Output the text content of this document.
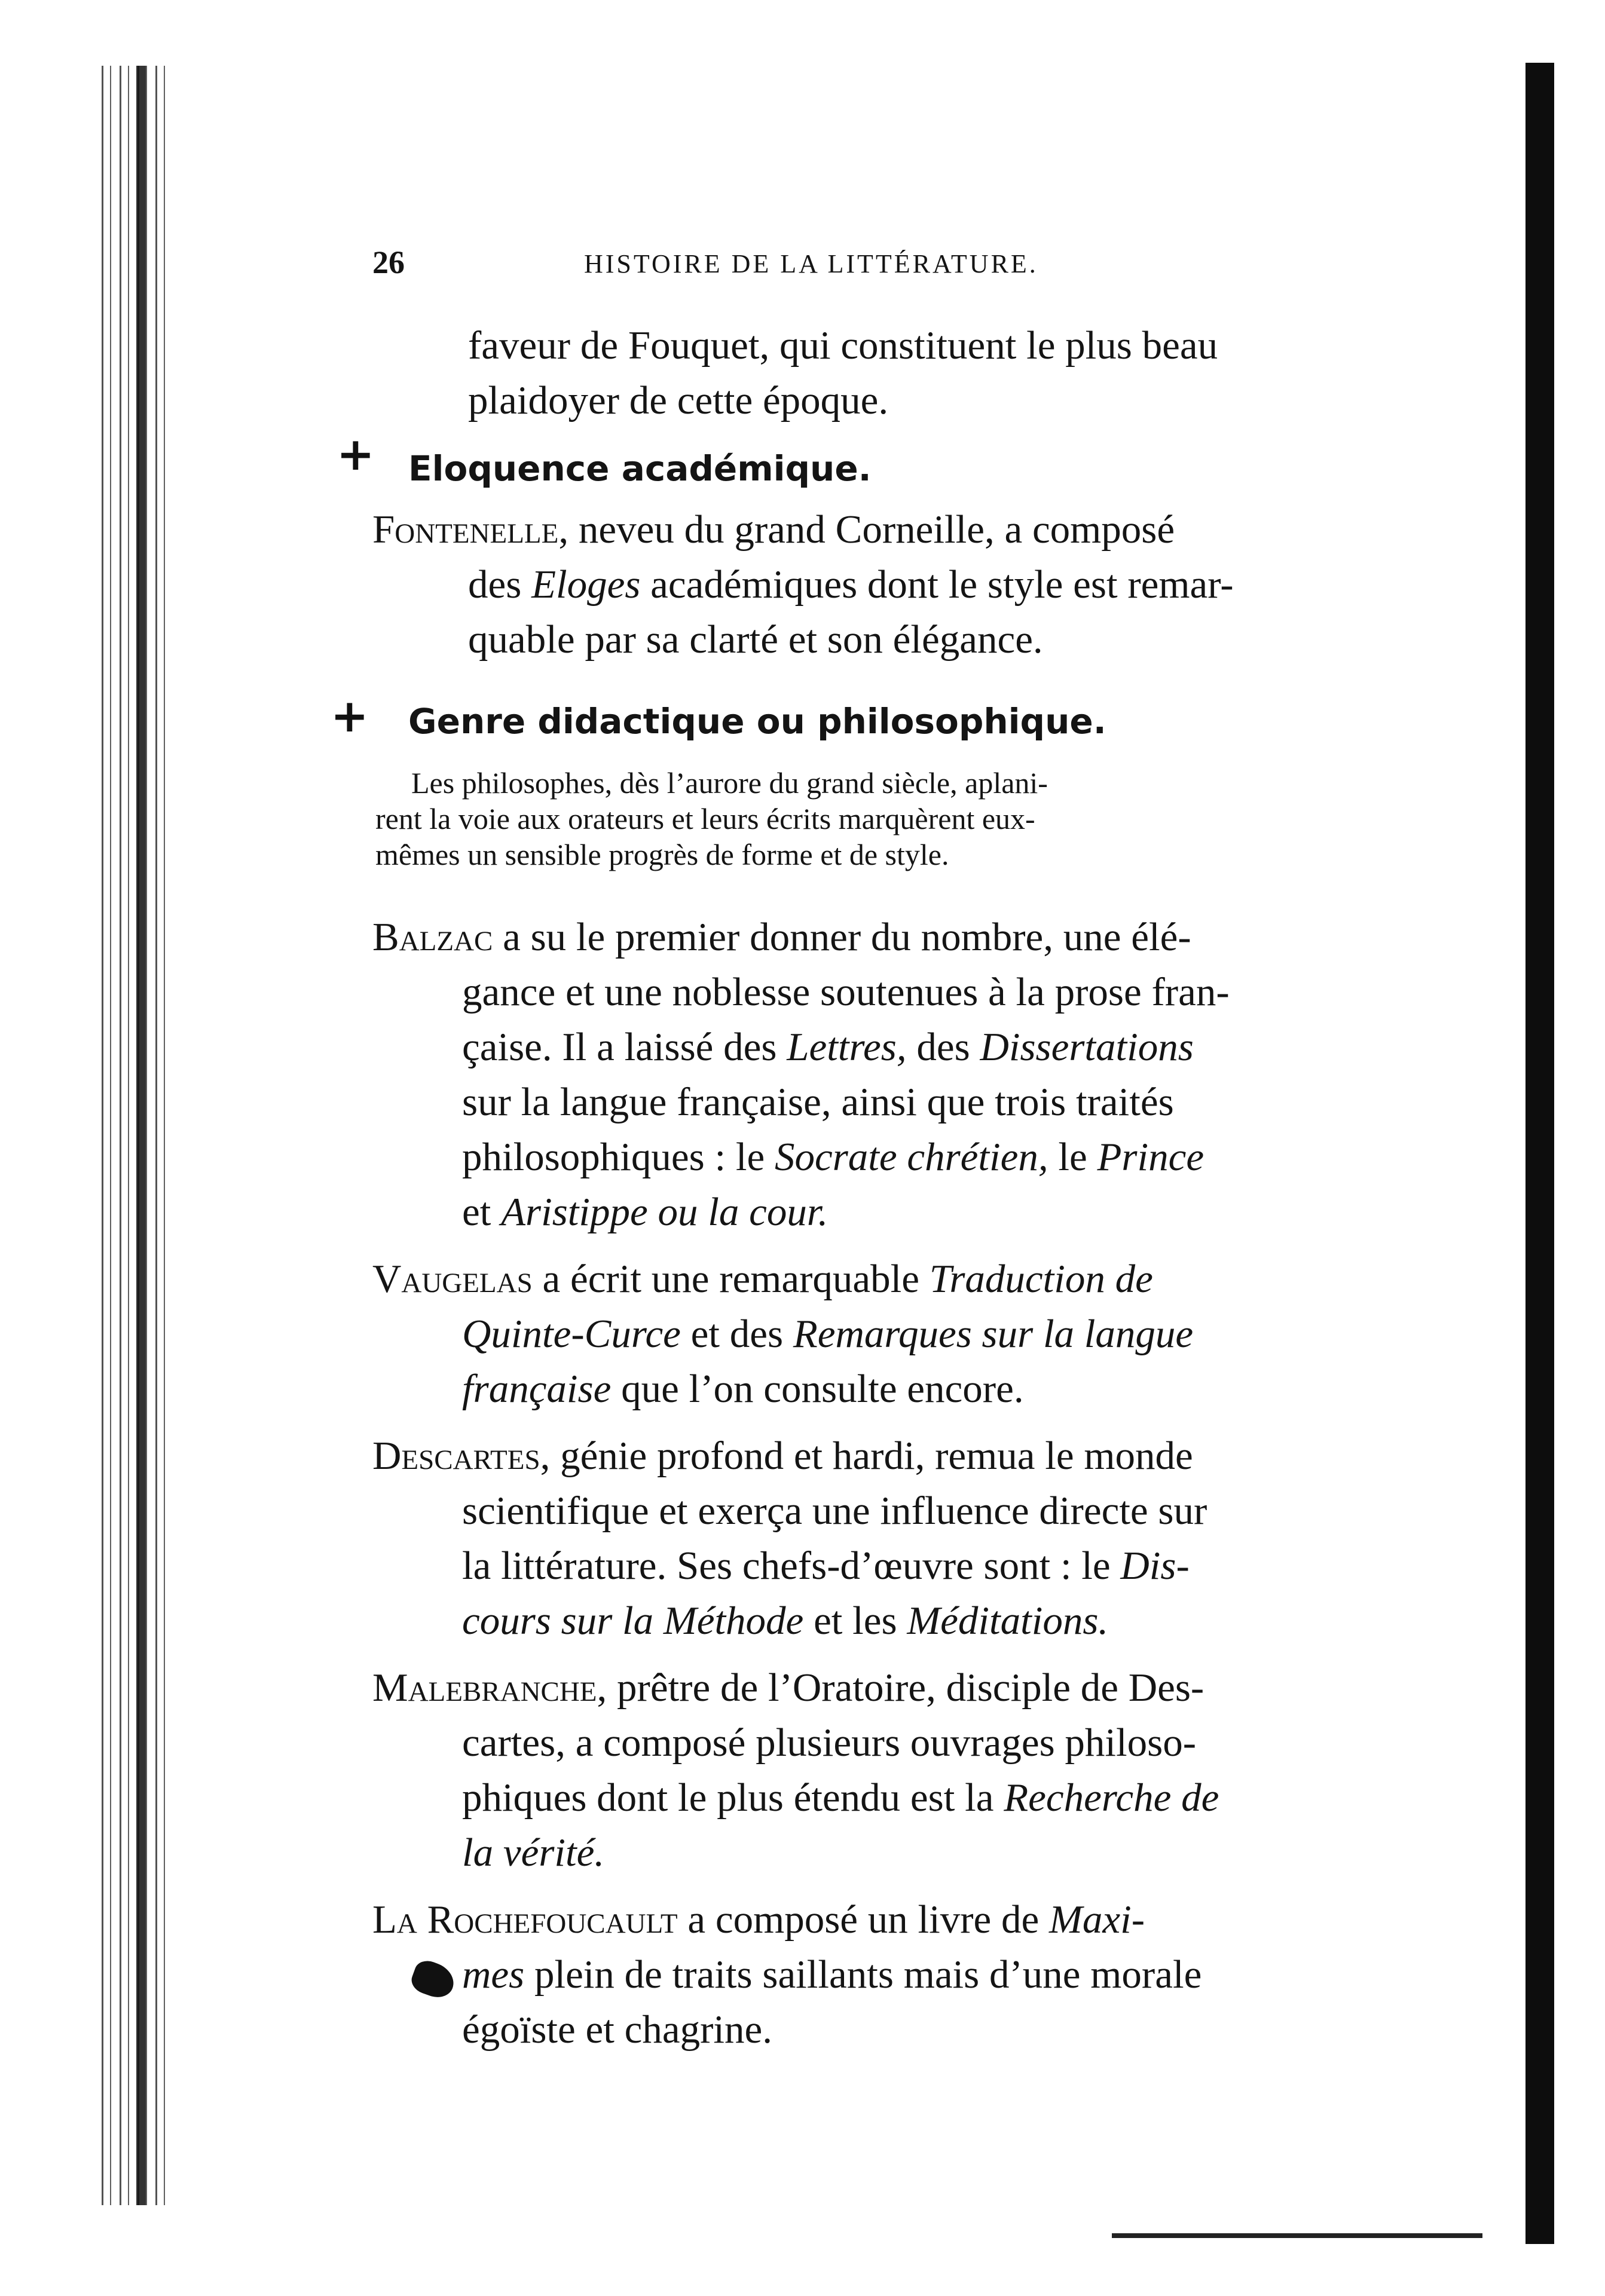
26	HISTOIRE DE LA LITTÉRATURE.
faveur de Fouquet, qui constituent le plus beau
plaidoyer de cette époque.
+ Eloquence académique.
Fontenelle, neveu du grand Corneille, a composé
des Eloges académiques dont le style est remar-
quable par sa clarté et son élégance.
+ Genre didactique ou philosophique.
Les philosophes, dès l’aurore du grand siècle, aplani-
rent la voie aux orateurs et leurs écrits marquèrent eux-
mêmes un sensible progrès de forme et de style.
Balzac a su le premier donner du nombre, une élé-
gance et une noblesse soutenues à la prose fran-
çaise. Il a laissé des Lettres, des Dissertations
sur la langue française, ainsi que trois traités
philosophiques : le Socrate chrétien, le Prince
et Aristippe ou la cour.
Vaugelas a écrit une remarquable Traduction de
Quinte-Curce et des Remarques sur la langue
française que l’on consulte encore.
Descartes, génie profond et hardi, remua le monde
scientifique et exerça une influence directe sur
la littérature. Ses chefs-d’œuvre sont : le Dis-
cours sur la Méthode et les Méditations.
Malebranche, prêtre de l’Oratoire, disciple de Des-
cartes, a composé plusieurs ouvrages philoso-
phiques dont le plus étendu est la Recherche de
la vérité.
La Rochefoucault a composé un livre de Maxi-
mes plein de traits saillants mais d’une morale
égoïste et chagrine.
